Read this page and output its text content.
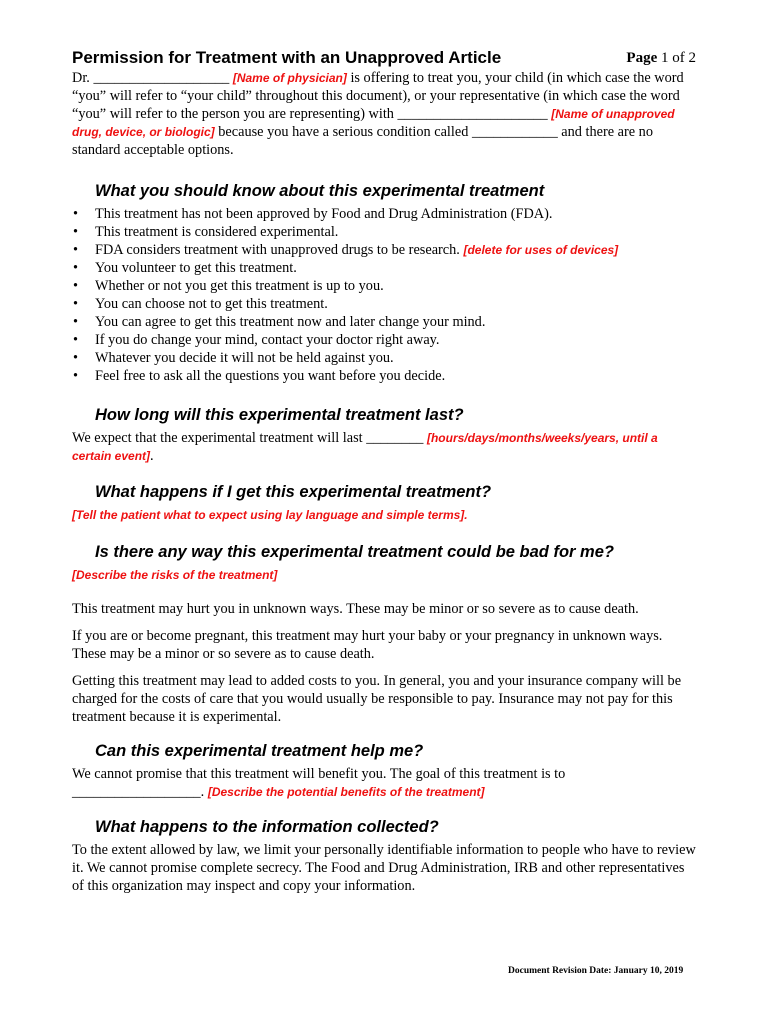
Permission for Treatment with an Unapproved Article	Page 1 of 2

Dr. ___________________ [Name of physician] is offering to treat you, your child (in which case the word “you” will refer to “your child” throughout this document), or your representative (in which case the word “you” will refer to the person you are representing) with _____________________ [Name of unapproved drug, device, or biologic] because you have a serious condition called ____________ and there are no standard acceptable options.

What you should know about this experimental treatment
• This treatment has not been approved by Food and Drug Administration (FDA).
• This treatment is considered experimental.
• FDA considers treatment with unapproved drugs to be research. [delete for uses of devices]
• You volunteer to get this treatment.
• Whether or not you get this treatment is up to you.
• You can choose not to get this treatment.
• You can agree to get this treatment now and later change your mind.
• If you do change your mind, contact your doctor right away.
• Whatever you decide it will not be held against you.
• Feel free to ask all the questions you want before you decide.
How long will this experimental treatment last?

We expect that the experimental treatment will last ________ [hours/days/months/weeks/years, until a certain event].

What happens if I get this experimental treatment?

[Tell the patient what to expect using lay language and simple terms].

Is there any way this experimental treatment could be bad for me?

[Describe the risks of the treatment]

This treatment may hurt you in unknown ways. These may be minor or so severe as to cause death.

If you are or become pregnant, this treatment may hurt your baby or your pregnancy in unknown ways. These may be a minor or so severe as to cause death.

Getting this treatment may lead to added costs to you. In general, you and your insurance company will be charged for the costs of care that you would usually be responsible to pay. Insurance may not pay for this treatment because it is experimental.

Can this experimental treatment help me?

We cannot promise that this treatment will benefit you. The goal of this treatment is to __________________. [Describe the potential benefits of the treatment]

What happens to the information collected?

To the extent allowed by law, we limit your personally identifiable information to people who have to review it. We cannot promise complete secrecy. The Food and Drug Administration, IRB and other representatives of this organization may inspect and copy your information.

Document Revision Date: January 10, 2019
